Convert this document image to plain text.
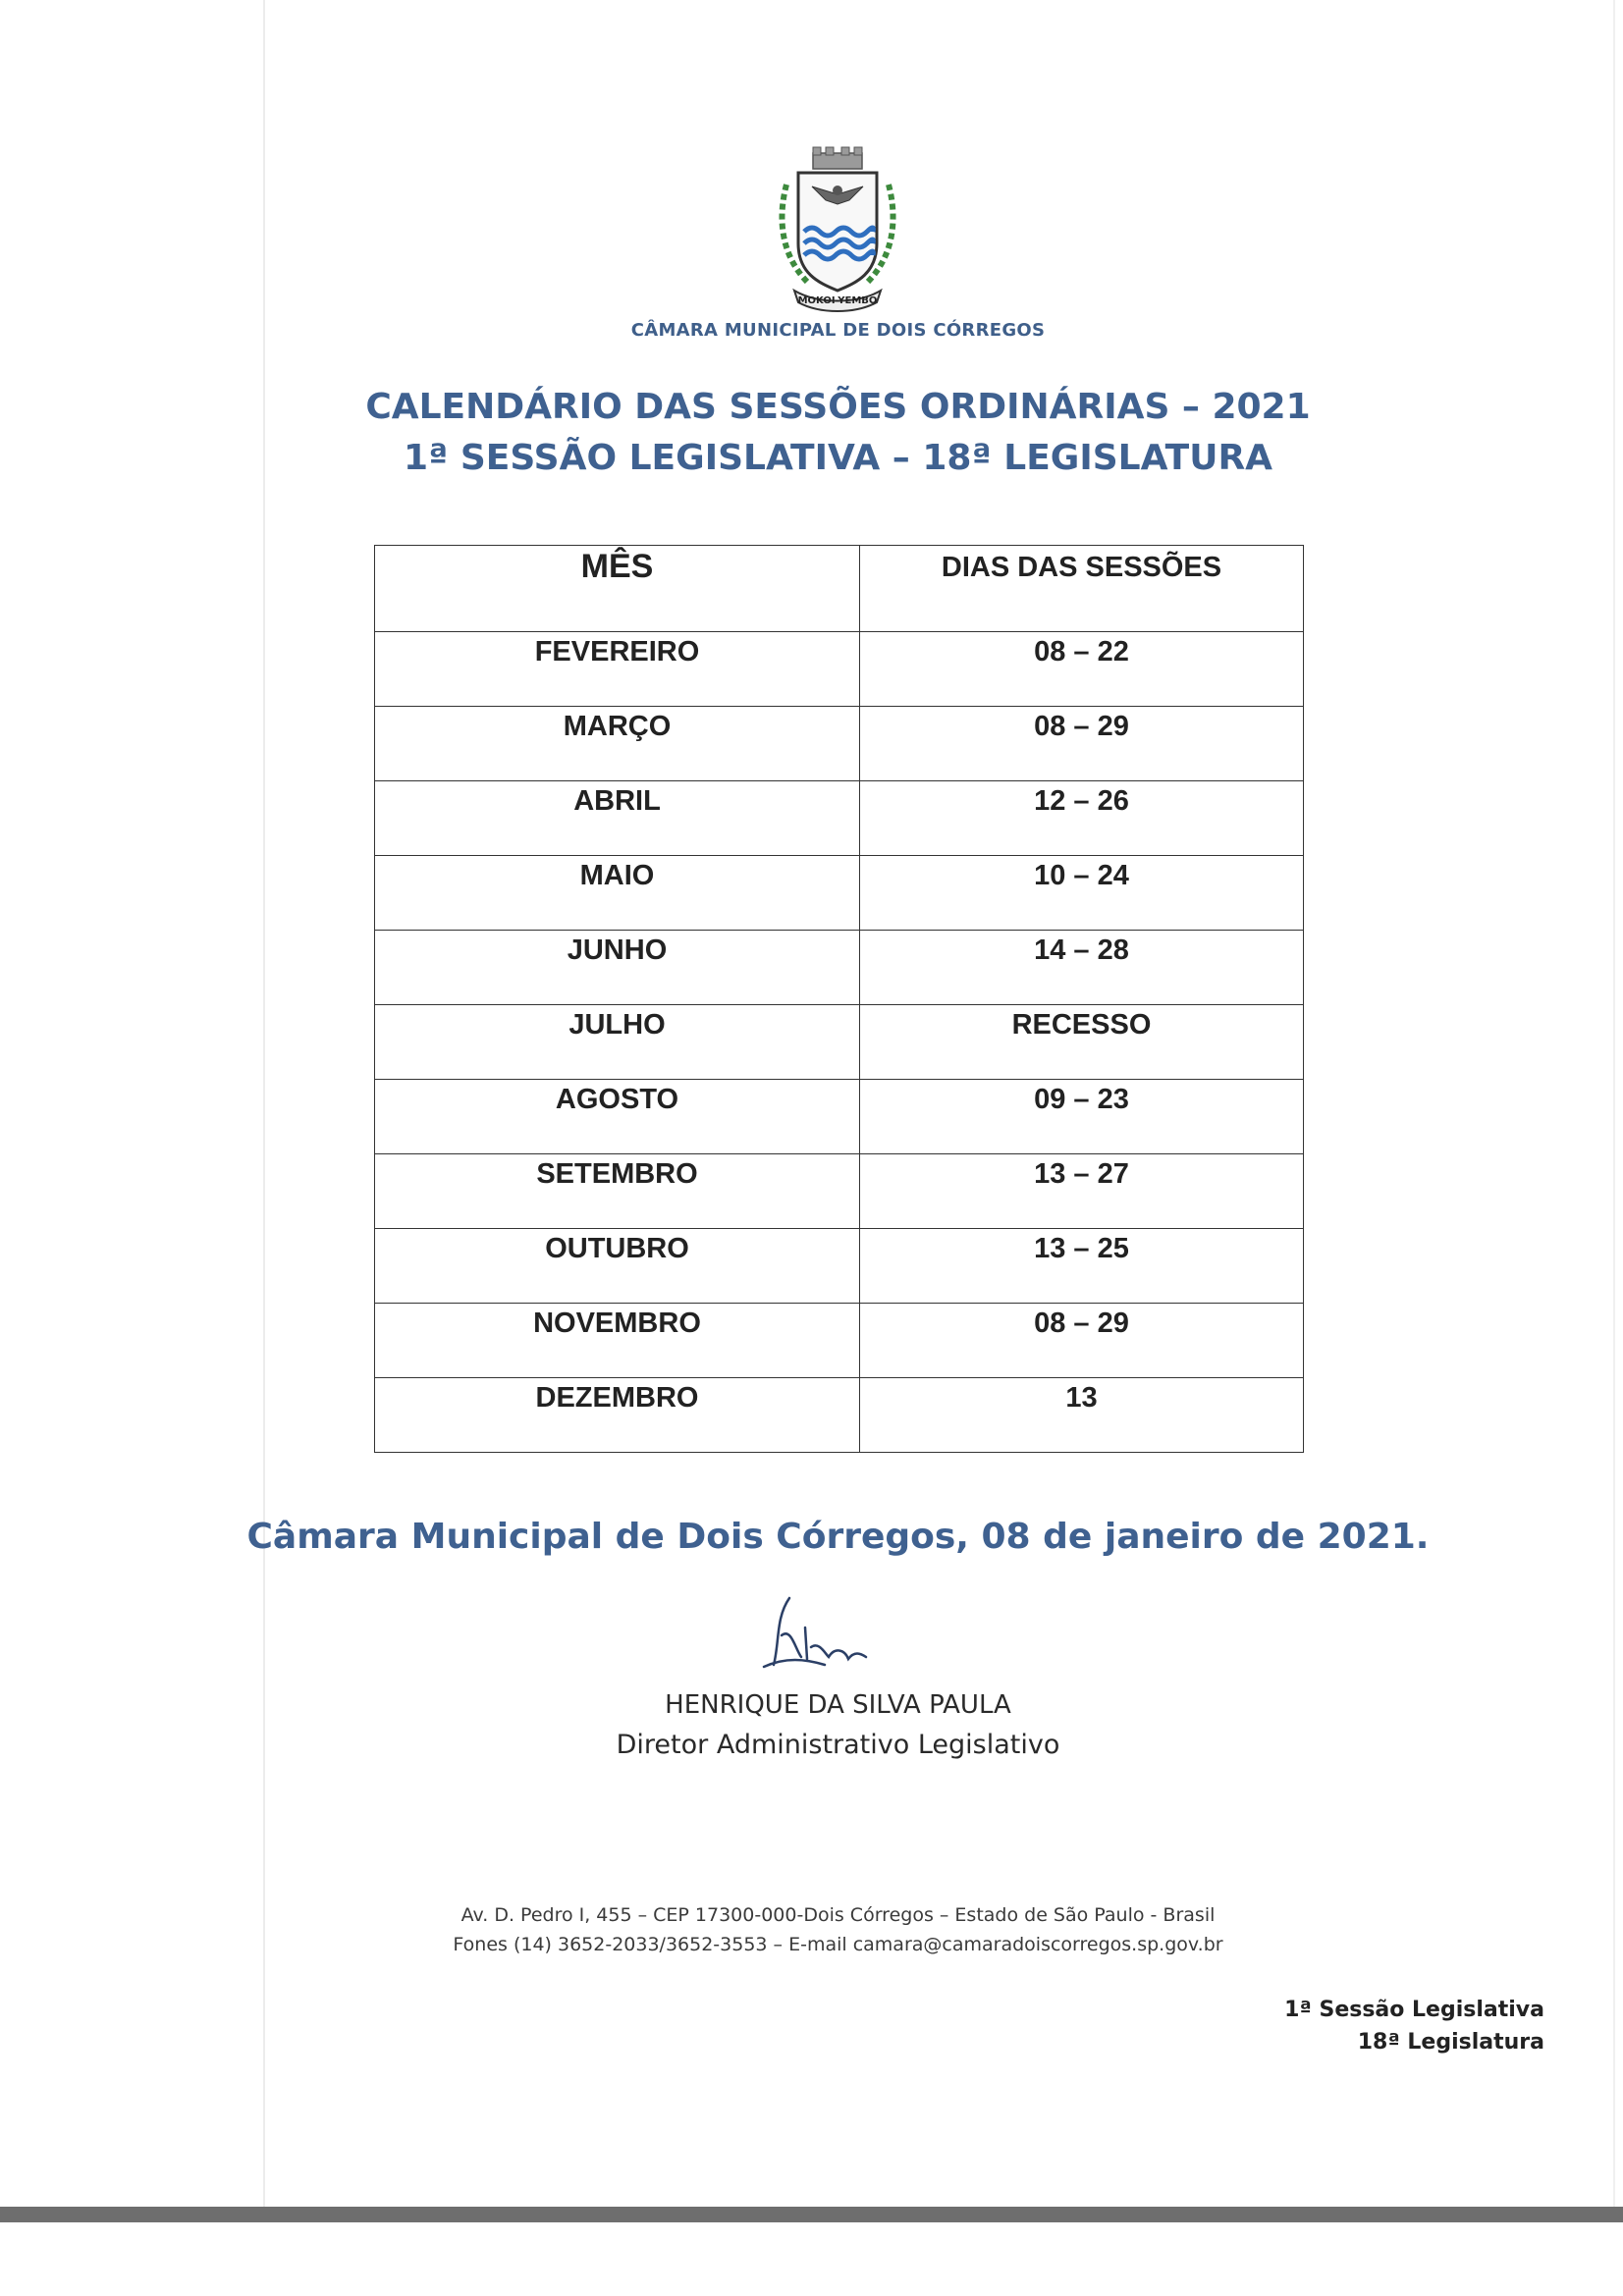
MOKOI-YEMBO
CÂMARA MUNICIPAL DE DOIS CÓRREGOS
CALENDÁRIO DAS SESSÕES ORDINÁRIAS – 2021
1ª SESSÃO LEGISLATIVA – 18ª LEGISLATURA
MÊS	DIAS DAS SESSÕES
FEVEREIRO	08 – 22
MARÇO	08 – 29
ABRIL	12 – 26
MAIO	10 – 24
JUNHO	14 – 28
JULHO	RECESSO
AGOSTO	09 – 23
SETEMBRO	13 – 27
OUTUBRO	13 – 25
NOVEMBRO	08 – 29
DEZEMBRO	13
Câmara Municipal de Dois Córregos, 08 de janeiro de 2021.
HENRIQUE DA SILVA PAULA
Diretor Administrativo Legislativo
Av. D. Pedro I, 455 – CEP 17300-000-Dois Córregos – Estado de São Paulo - Brasil
Fones (14) 3652-2033/3652-3553 – E-mail camara@camaradoiscorregos.sp.gov.br
1ª Sessão Legislativa
18ª Legislatura
